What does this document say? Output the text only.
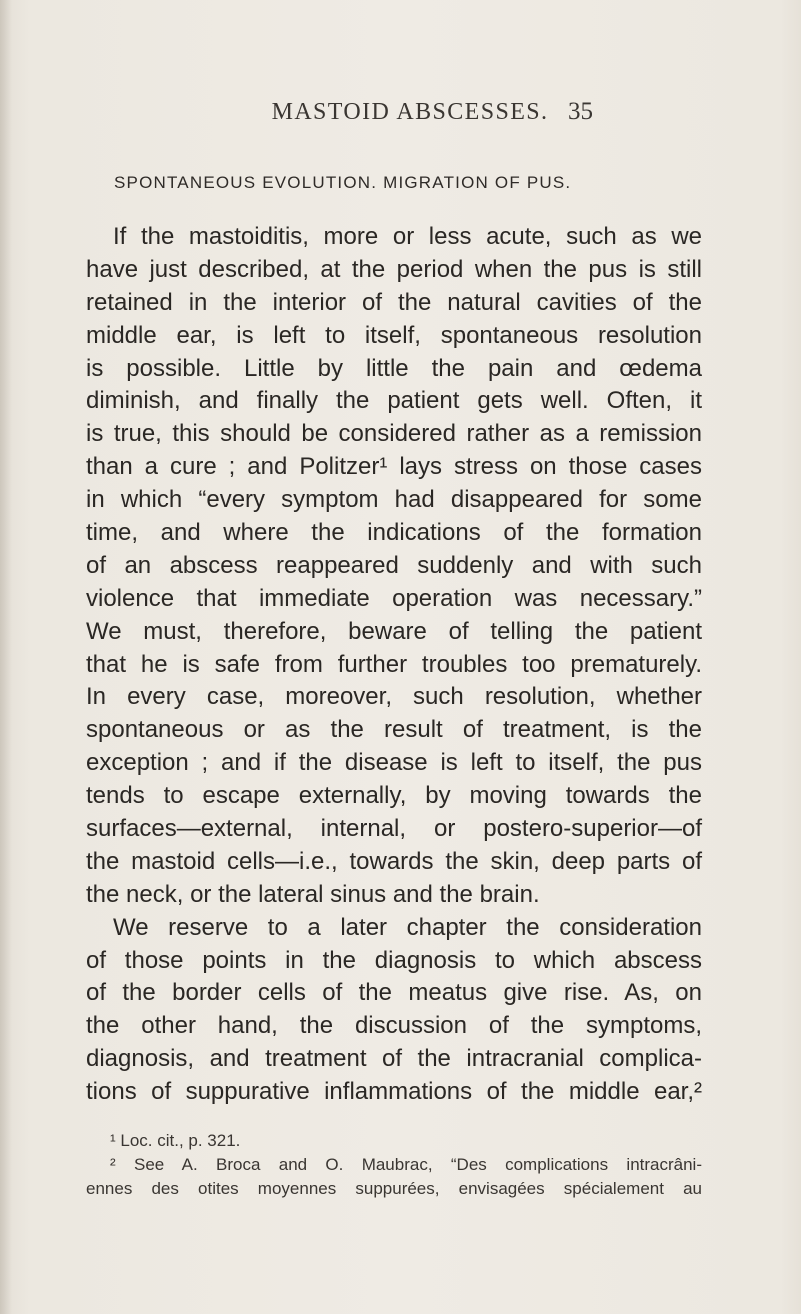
MASTOID ABSCESSES. 35
SPONTANEOUS EVOLUTION. MIGRATION OF PUS.
If the mastoiditis, more or less acute, such as we
have just described, at the period when the pus is still
retained in the interior of the natural cavities of the
middle ear, is left to itself, spontaneous resolution
is possible. Little by little the pain and œdema
diminish, and finally the patient gets well. Often, it
is true, this should be considered rather as a remission
than a cure ; and Politzer¹ lays stress on those cases
in which “every symptom had disappeared for some
time, and where the indications of the formation
of an abscess reappeared suddenly and with such
violence that immediate operation was necessary.”
We must, therefore, beware of telling the patient
that he is safe from further troubles too prematurely.
In every case, moreover, such resolution, whether
spontaneous or as the result of treatment, is the
exception ; and if the disease is left to itself, the pus
tends to escape externally, by moving towards the
surfaces—external, internal, or postero-superior—of
the mastoid cells—i.e., towards the skin, deep parts of
the neck, or the lateral sinus and the brain.
We reserve to a later chapter the consideration
of those points in the diagnosis to which abscess
of the border cells of the meatus give rise. As, on
the other hand, the discussion of the symptoms,
diagnosis, and treatment of the intracranial complica-
tions of suppurative inflammations of the middle ear,²
¹ Loc. cit., p. 321.
² See A. Broca and O. Maubrac, “Des complications intracrâni-
ennes des otites moyennes suppurées, envisagées spécialement au
